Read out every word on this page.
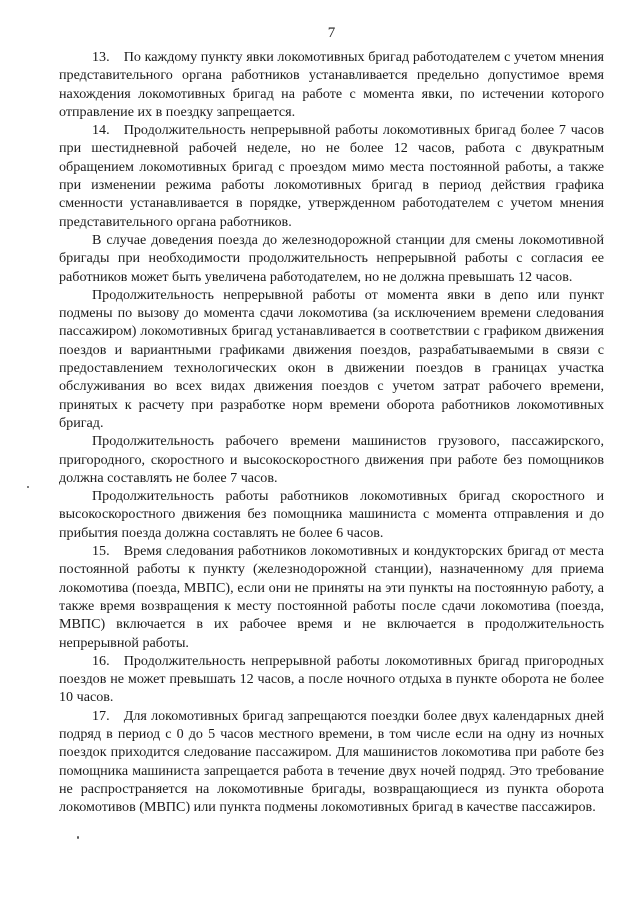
7

13. По каждому пункту явки локомотивных бригад работодателем с учетом мнения представительного органа работников устанавливается предельно допустимое время нахождения локомотивных бригад на работе с момента явки, по истечении которого отправление их в поездку запрещается.

14. Продолжительность непрерывной работы локомотивных бригад более 7 часов при шестидневной рабочей неделе, но не более 12 часов, работа с двукратным обращением локомотивных бригад с проездом мимо места постоянной работы, а также при изменении режима работы локомотивных бригад в период действия графика сменности устанавливается в порядке, утвержденном работодателем с учетом мнения представительного органа работников.

В случае доведения поезда до железнодорожной станции для смены локомотивной бригады при необходимости продолжительность непрерывной работы с согласия ее работников может быть увеличена работодателем, но не должна превышать 12 часов.

Продолжительность непрерывной работы от момента явки в депо или пункт подмены по вызову до момента сдачи локомотива (за исключением времени следования пассажиром) локомотивных бригад устанавливается в соответствии с графиком движения поездов и вариантными графиками движения поездов, разрабатываемыми в связи с предоставлением технологических окон в движении поездов в границах участка обслуживания во всех видах движения поездов с учетом затрат рабочего времени, принятых к расчету при разработке норм времени оборота работников локомотивных бригад.

Продолжительность рабочего времени машинистов грузового, пассажирского, пригородного, скоростного и высокоскоростного движения при работе без помощников должна составлять не более 7 часов.

Продолжительность работы работников локомотивных бригад скоростного и высокоскоростного движения без помощника машиниста с момента отправления и до прибытия поезда должна составлять не более 6 часов.

15. Время следования работников локомотивных и кондукторских бригад от места постоянной работы к пункту (железнодорожной станции), назначенному для приема локомотива (поезда, МВПС), если они не приняты на эти пункты на постоянную работу, а также время возвращения к месту постоянной работы после сдачи локомотива (поезда, МВПС) включается в их рабочее время и не включается в продолжительность непрерывной работы.

16. Продолжительность непрерывной работы локомотивных бригад пригородных поездов не может превышать 12 часов, а после ночного отдыха в пункте оборота не более 10 часов.

17. Для локомотивных бригад запрещаются поездки более двух календарных дней подряд в период с 0 до 5 часов местного времени, в том числе если на одну из ночных поездок приходится следование пассажиром. Для машинистов локомотива при работе без помощника машиниста запрещается работа в течение двух ночей подряд. Это требование не распространяется на локомотивные бригады, возвращающиеся из пункта оборота локомотивов (МВПС) или пункта подмены локомотивных бригад в качестве пассажиров.
